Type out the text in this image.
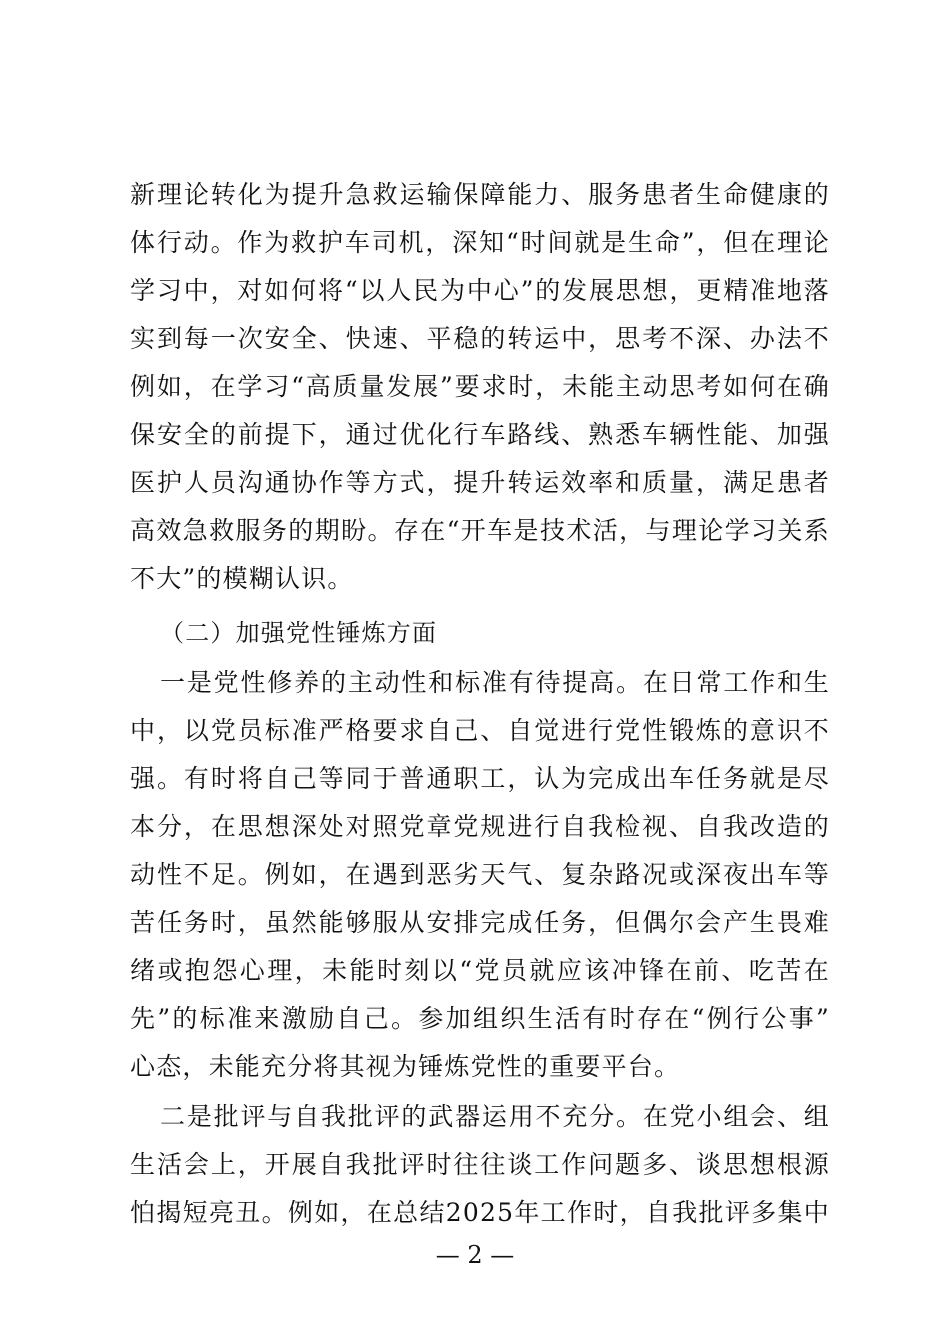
新理论转化为提升急救运输保障能力、服务患者生命健康的
体行动。作为救护车司机，深知“时间就是生命”，但在理论
学习中，对如何将“以人民为中心”的发展思想，更精准地落
实到每一次安全、快速、平稳的转运中，思考不深、办法不
例如，在学习“高质量发展”要求时，未能主动思考如何在确
保安全的前提下，通过优化行车路线、熟悉车辆性能、加强
医护人员沟通协作等方式，提升转运效率和质量，满足患者
高效急救服务的期盼。存在“开车是技术活，与理论学习关系
不大”的模糊认识。
（二）加强党性锤炼方面
一是党性修养的主动性和标准有待提高。在日常工作和生
中，以党员标准严格要求自己、自觉进行党性锻炼的意识不
强。有时将自己等同于普通职工，认为完成出车任务就是尽
本分，在思想深处对照党章党规进行自我检视、自我改造的
动性不足。例如，在遇到恶劣天气、复杂路况或深夜出车等
苦任务时，虽然能够服从安排完成任务，但偶尔会产生畏难
绪或抱怨心理，未能时刻以“党员就应该冲锋在前、吃苦在
先”的标准来激励自己。参加组织生活有时存在“例行公事”
心态，未能充分将其视为锤炼党性的重要平台。
二是批评与自我批评的武器运用不充分。在党小组会、组
生活会上，开展自我批评时往往谈工作问题多、谈思想根源
怕揭短亮丑。例如，在总结2025年工作时，自我批评多集中
— 2 —
